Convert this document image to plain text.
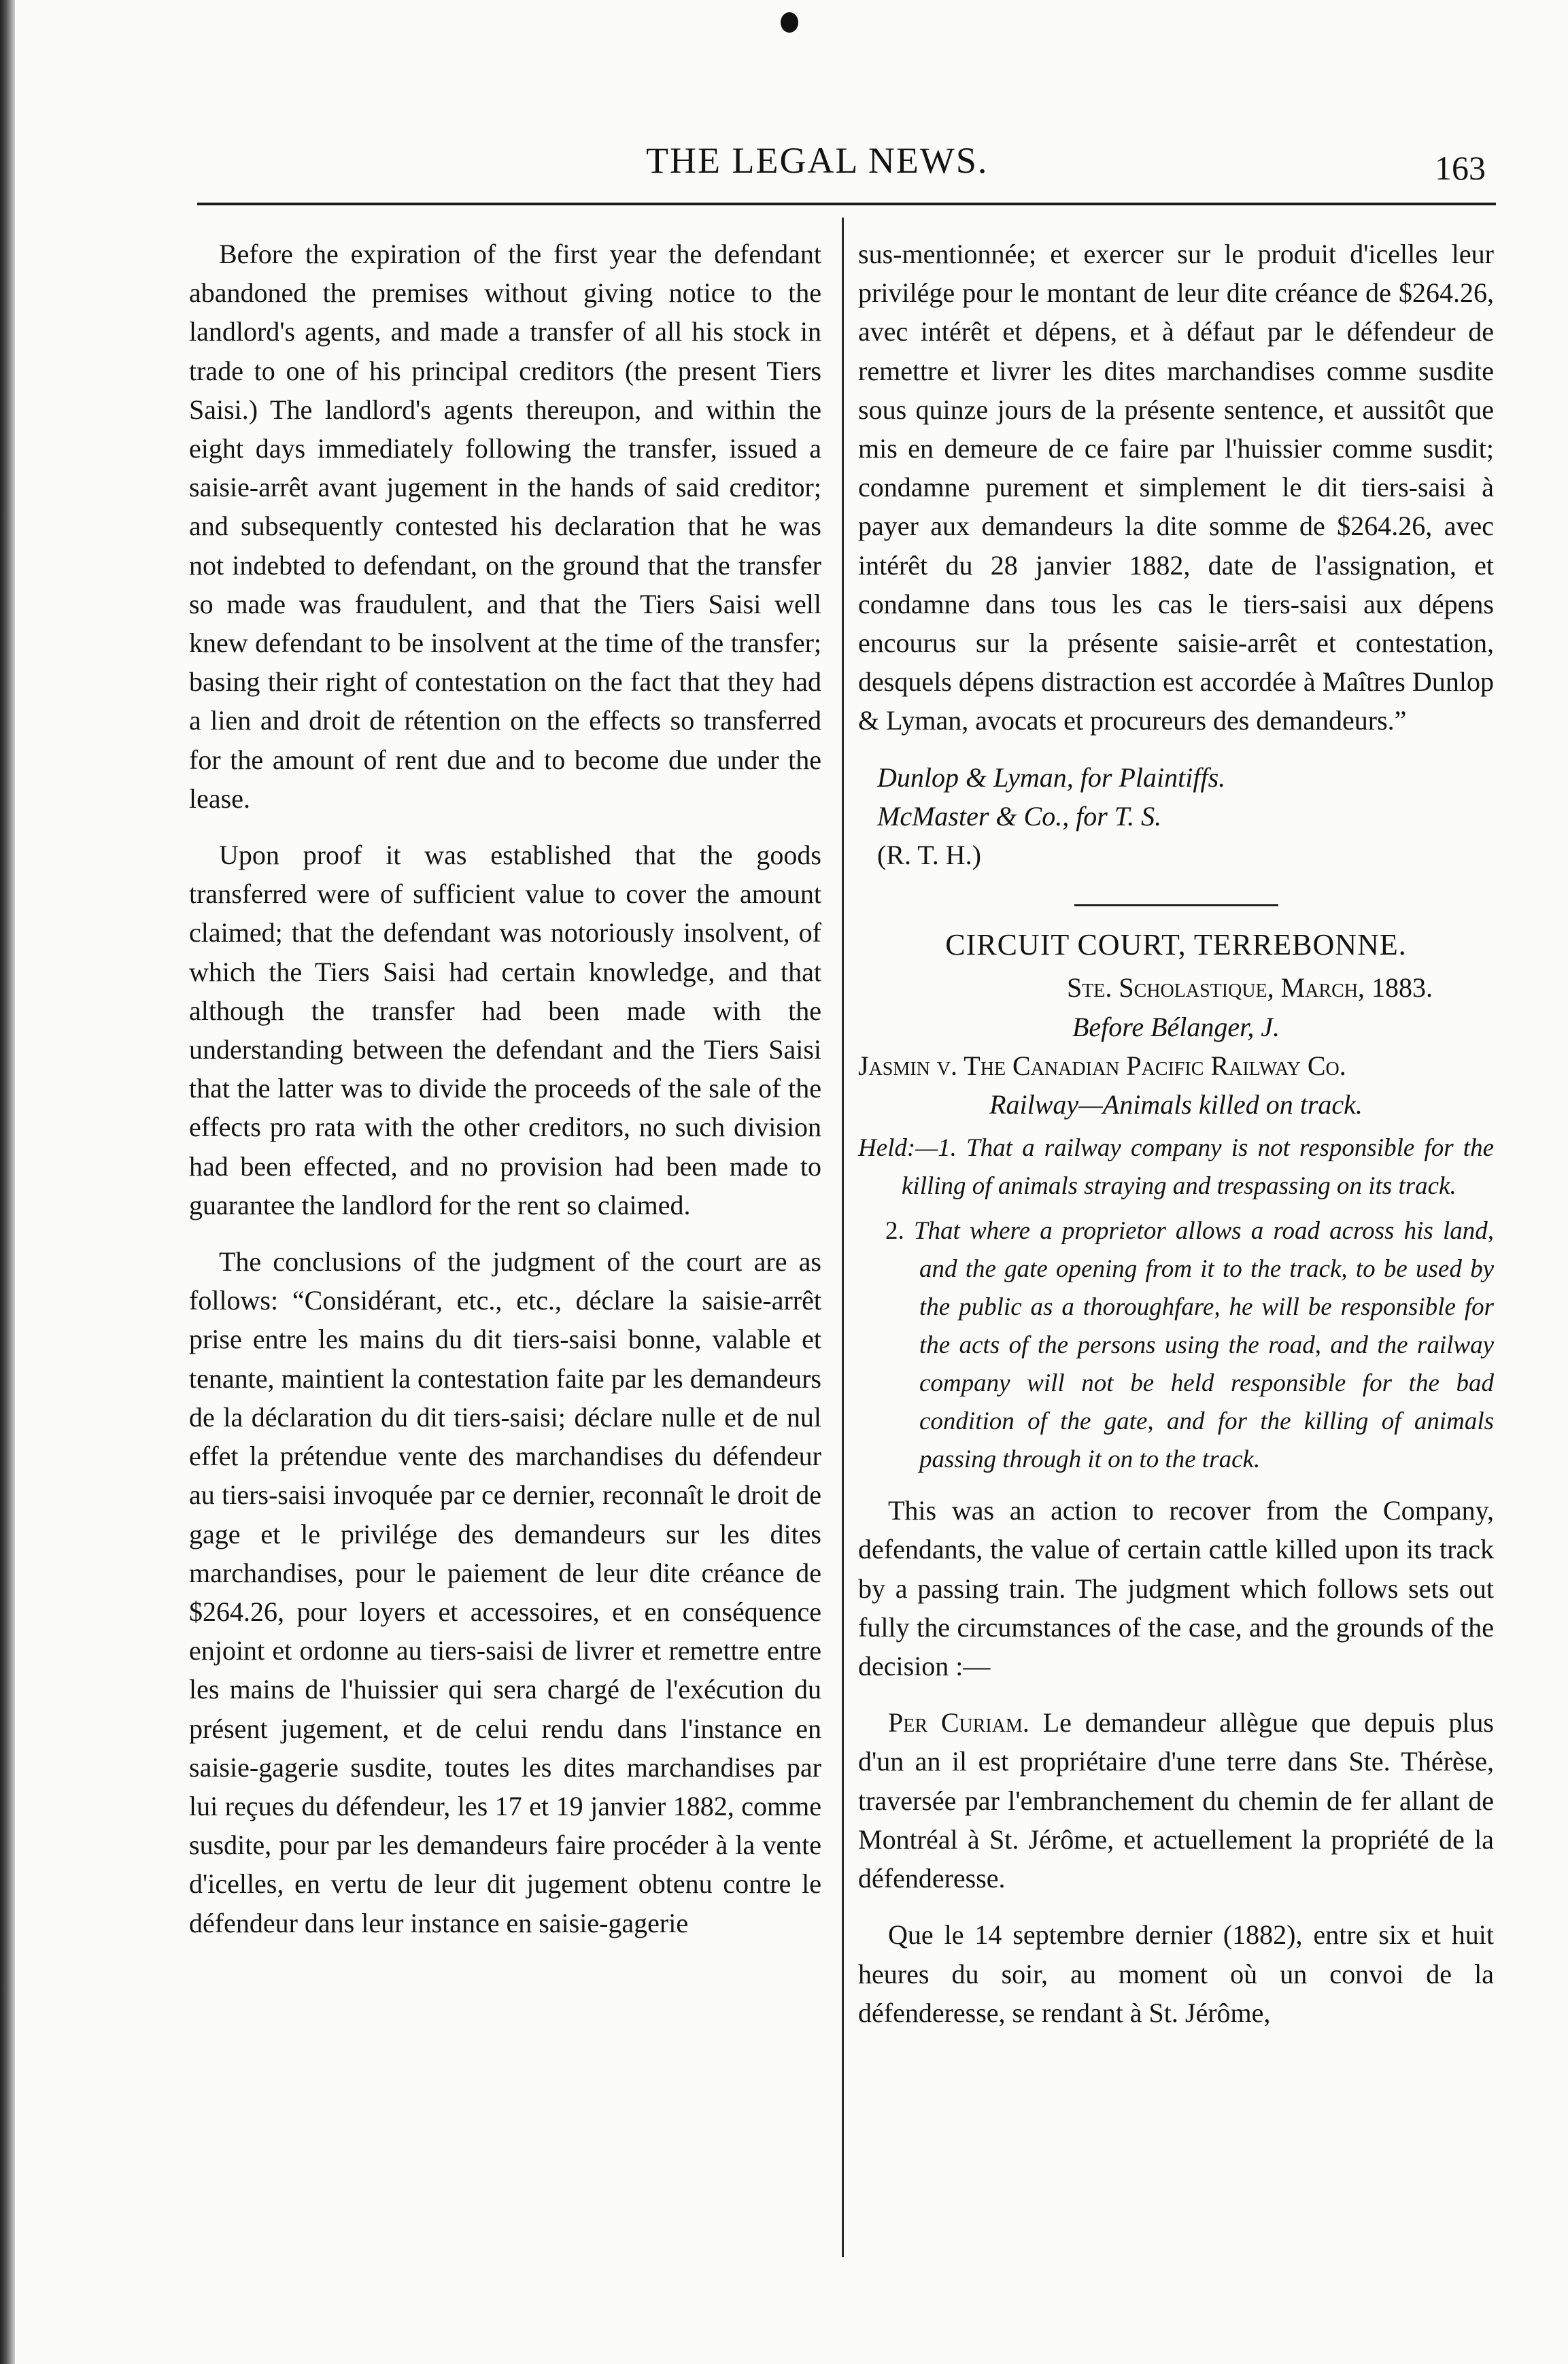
THE LEGAL NEWS.	163

Before the expiration of the first year the defendant abandoned the premises without giving notice to the landlord's agents, and made a transfer of all his stock in trade to one of his principal creditors (the present Tiers Saisi.) The landlord's agents thereupon, and within the eight days immediately following the transfer, issued a saisie-arrêt avant jugement in the hands of said creditor; and subsequently contested his declaration that he was not indebted to defendant, on the ground that the transfer so made was fraudulent, and that the Tiers Saisi well knew defendant to be insolvent at the time of the transfer; basing their right of contestation on the fact that they had a lien and droit de rétention on the effects so transferred for the amount of rent due and to become due under the lease.

Upon proof it was established that the goods transferred were of sufficient value to cover the amount claimed; that the defendant was notoriously insolvent, of which the Tiers Saisi had certain knowledge, and that although the transfer had been made with the understanding between the defendant and the Tiers Saisi that the latter was to divide the proceeds of the sale of the effects pro rata with the other creditors, no such division had been effected, and no provision had been made to guarantee the landlord for the rent so claimed.

The conclusions of the judgment of the court are as follows: “Considérant, etc., etc., déclare la saisie-arrêt prise entre les mains du dit tiers-saisi bonne, valable et tenante, maintient la contestation faite par les demandeurs de la déclaration du dit tiers-saisi; déclare nulle et de nul effet la prétendue vente des marchandises du défendeur au tiers-saisi invoquée par ce dernier, reconnaît le droit de gage et le privilége des demandeurs sur les dites marchandises, pour le paiement de leur dite créance de $264.26, pour loyers et accessoires, et en conséquence enjoint et ordonne au tiers-saisi de livrer et remettre entre les mains de l'huissier qui sera chargé de l'exécution du présent jugement, et de celui rendu dans l'instance en saisie-gagerie susdite, toutes les dites marchandises par lui reçues du défendeur, les 17 et 19 janvier 1882, comme susdite, pour par les demandeurs faire procéder à la vente d'icelles, en vertu de leur dit jugement obtenu contre le défendeur dans leur instance en saisie-gagerie

sus-mentionnée; et exercer sur le produit d'icelles leur privilége pour le montant de leur dite créance de $264.26, avec intérêt et dépens, et à défaut par le défendeur de remettre et livrer les dites marchandises comme susdite sous quinze jours de la présente sentence, et aussitôt que mis en demeure de ce faire par l'huissier comme susdit; condamne purement et simplement le dit tiers-saisi à payer aux demandeurs la dite somme de $264.26, avec intérêt du 28 janvier 1882, date de l'assignation, et condamne dans tous les cas le tiers-saisi aux dépens encourus sur la présente saisie-arrêt et contestation, desquels dépens distraction est accordée à Maîtres Dunlop & Lyman, avocats et procureurs des demandeurs.”

Dunlop & Lyman, for Plaintiffs.

McMaster & Co., for T. S.

(R. T. H.)

CIRCUIT COURT, TERREBONNE.
Ste. Scholastique, March, 1883.
Before Bélanger, J.
Jasmin v. The Canadian Pacific Railway Co.
Railway—Animals killed on track.
Held:—1. That a railway company is not responsible for the killing of animals straying and trespassing on its track.
2. That where a proprietor allows a road across his land, and the gate opening from it to the track, to be used by the public as a thoroughfare, he will be responsible for the acts of the persons using the road, and the railway company will not be held responsible for the bad condition of the gate, and for the killing of animals passing through it on to the track.

This was an action to recover from the Company, defendants, the value of certain cattle killed upon its track by a passing train. The judgment which follows sets out fully the circumstances of the case, and the grounds of the decision :—

Per Curiam. Le demandeur allègue que depuis plus d'un an il est propriétaire d'une terre dans Ste. Thérèse, traversée par l'embranchement du chemin de fer allant de Montréal à St. Jérôme, et actuellement la propriété de la défenderesse.

Que le 14 septembre dernier (1882), entre six et huit heures du soir, au moment où un convoi de la défenderesse, se rendant à St. Jérôme,
